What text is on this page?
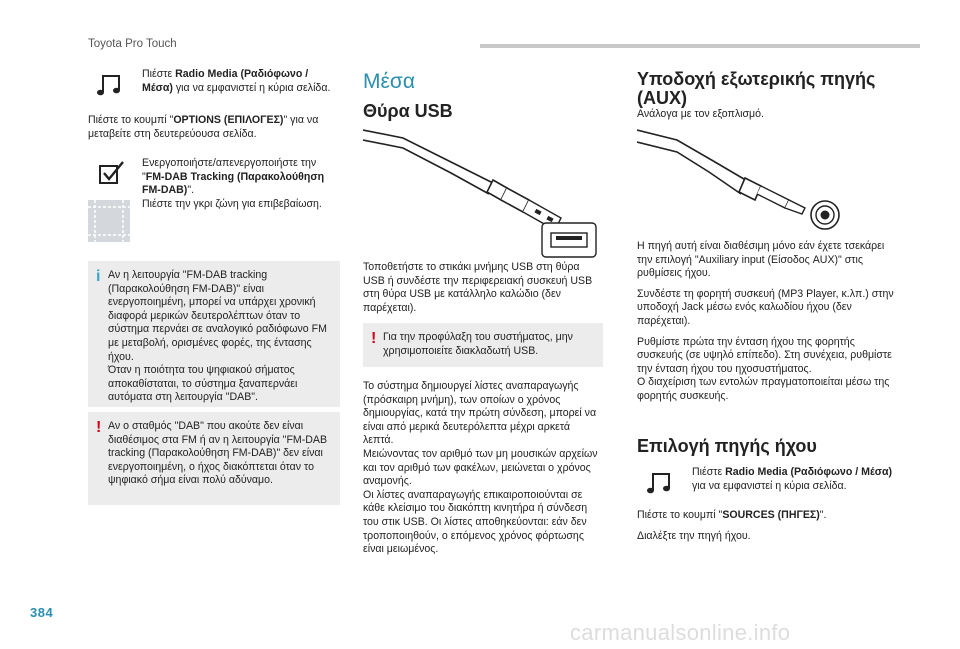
Toyota Pro Touch

Πιέστε Radio Media (Ραδιόφωνο / Μέσα) για να εμφανιστεί η κύρια σελίδα.

Πιέστε το κουμπί "OPTIONS (ΕΠΙΛΟΓΕΣ)" για να μεταβείτε στη δευτερεύουσα σελίδα.

Ενεργοποιήστε/απενεργοποιήστε την "FM-DAB Tracking (Παρακολούθηση FM-DAB)".

Πιέστε την γκρι ζώνη για επιβεβαίωση.

i Αν η λειτουργία "FM-DAB tracking (Παρακολούθηση FM-DAB)" είναι ενεργοποιημένη, μπορεί να υπάρχει χρονική διαφορά μερικών δευτερολέπτων όταν το σύστημα περνάει σε αναλογικό ραδιόφωνο FM με μεταβολή, ορισμένες φορές, της έντασης ήχου.

Όταν η ποιότητα του ψηφιακού σήματος αποκαθίσταται, το σύστημα ξαναπερνάει αυτόματα στη λειτουργία "DAB".

! Αν ο σταθμός "DAB" που ακούτε δεν είναι διαθέσιμος στα FM ή αν η λειτουργία "FM-DAB tracking (Παρακολούθηση FM-DAB)" δεν είναι ενεργοποιημένη, ο ήχος διακόπτεται όταν το ψηφιακό σήμα είναι πολύ αδύναμο.

Μέσα
Θύρα USB

Τοποθετήστε το στικάκι μνήμης USB στη θύρα USB ή συνδέστε την περιφερειακή συσκευή USB στη θύρα USB με κατάλληλο καλώδιο (δεν παρέχεται).

! Για την προφύλαξη του συστήματος, μην χρησιμοποιείτε διακλαδωτή USB.

Το σύστημα δημιουργεί λίστες αναπαραγωγής (πρόσκαιρη μνήμη), των οποίων ο χρόνος δημιουργίας, κατά την πρώτη σύνδεση, μπορεί να είναι από μερικά δευτερόλεπτα μέχρι αρκετά λεπτά.

Μειώνοντας τον αριθμό των μη μουσικών αρχείων και τον αριθμό των φακέλων, μειώνεται ο χρόνος αναμονής.

Οι λίστες αναπαραγωγής επικαιροποιούνται σε κάθε κλείσιμο του διακόπτη κινητήρα ή σύνδεση του στικ USB. Οι λίστες αποθηκεύονται: εάν δεν τροποποιηθούν, ο επόμενος χρόνος φόρτωσης είναι μειωμένος.

Υποδοχή εξωτερικής πηγής (AUX)

Ανάλογα με τον εξοπλισμό.

Η πηγή αυτή είναι διαθέσιμη μόνο εάν έχετε τσεκάρει την επιλογή "Auxiliary input (Είσοδος AUX)" στις ρυθμίσεις ήχου.

Συνδέστε τη φορητή συσκευή (MP3 Player, κ.λπ.) στην υποδοχή Jack μέσω ενός καλωδίου ήχου (δεν παρέχεται).

Ρυθμίστε πρώτα την ένταση ήχου της φορητής συσκευής (σε υψηλό επίπεδο). Στη συνέχεια, ρυθμίστε την ένταση ήχου του ηχοσυστήματος.

Ο διαχείριση των εντολών πραγματοποιείται μέσω της φορητής συσκευής.

Επιλογή πηγής ήχου

Πιέστε Radio Media (Ραδιόφωνο / Μέσα) για να εμφανιστεί η κύρια σελίδα.

Πιέστε το κουμπί "SOURCES (ΠΗΓΕΣ)".

Διαλέξτε την πηγή ήχου.

384
carmanualsonline.info
